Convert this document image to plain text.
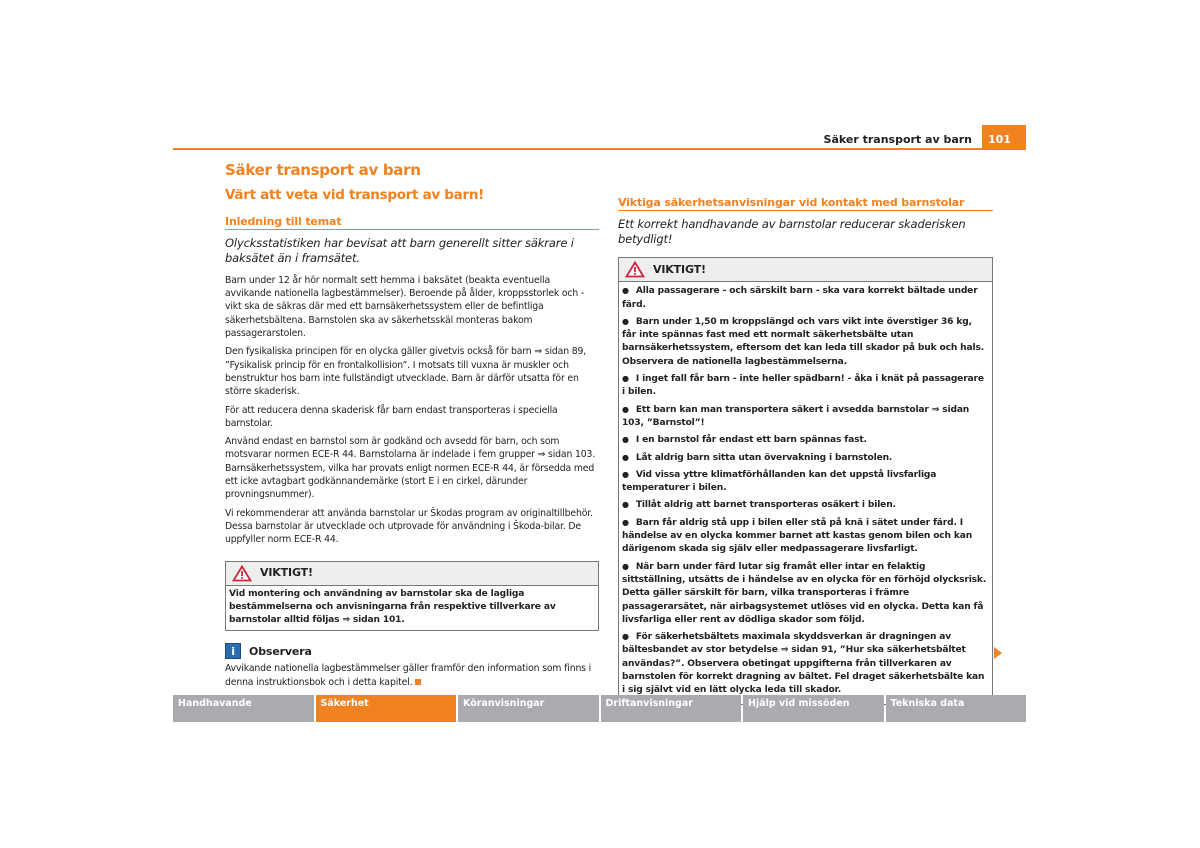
Säker transport av barn	101
Säker transport av barn
Värt att veta vid transport av barn!
Inledning till temat

Olycksstatistiken har bevisat att barn generellt sitter säkrare i baksätet än i framsätet.

Barn under 12 år hör normalt sett hemma i baksätet (beakta eventuella avvikande nationella lagbestämmelser). Beroende på ålder, kroppsstorlek och -vikt ska de säkras där med ett barnsäkerhetssystem eller de befintliga säkerhetsbältena. Barnstolen ska av säkerhetsskäl monteras bakom passagerarstolen.

Den fysikaliska principen för en olycka gäller givetvis också för barn ⇒ sidan 89, ”Fysikalisk princip för en frontalkollision”. I motsats till vuxna är muskler och benstruktur hos barn inte fullständigt utvecklade. Barn är därför utsatta för en större skaderisk.

För att reducera denna skaderisk får barn endast transporteras i speciella barnstolar.

Använd endast en barnstol som är godkänd och avsedd för barn, och som motsvarar normen ECE-R 44. Barnstolarna är indelade i fem grupper ⇒ sidan 103. Barnsäkerhetssystem, vilka har provats enligt normen ECE-R 44, är försedda med ett icke avtagbart godkännandemärke (stort E i en cirkel, därunder provningsnummer).

Vi rekommenderar att använda barnstolar ur Škodas program av originaltillbehör. Dessa barnstolar är utvecklade och utprovade för användning i Škoda-bilar. De uppfyller norm ECE-R 44.

VIKTIGT!
Vid montering och användning av barnstolar ska de lagliga bestämmelserna och anvisningarna från respektive tillverkare av barnstolar alltid följas ⇒ sidan 101.
i	Observera

Avvikande nationella lagbestämmelser gäller framför den information som finns i denna instruktionsbok och i detta kapitel.

Viktiga säkerhetsanvisningar vid kontakt med barnstolar

Ett korrekt handhavande av barnstolar reducerar skaderisken betydligt!

VIKTIGT!
● Alla passagerare - och särskilt barn - ska vara korrekt bältade under färd.
● Barn under 1,50 m kroppslängd och vars vikt inte överstiger 36 kg, får inte spännas fast med ett normalt säkerhetsbälte utan barnsäkerhetssystem, eftersom det kan leda till skador på buk och hals. Observera de nationella lagbestämmelserna.
● I inget fall får barn - inte heller spädbarn! - åka i knät på passagerare i bilen.
● Ett barn kan man transportera säkert i avsedda barnstolar ⇒ sidan 103, ”Barnstol”!
● I en barnstol får endast ett barn spännas fast.
● Låt aldrig barn sitta utan övervakning i barnstolen.
● Vid vissa yttre klimatförhållanden kan det uppstå livsfarliga temperaturer i bilen.
● Tillåt aldrig att barnet transporteras osäkert i bilen.
● Barn får aldrig stå upp i bilen eller stå på knä i sätet under färd. I händelse av en olycka kommer barnet att kastas genom bilen och kan därigenom skada sig själv eller medpassagerare livsfarligt.
● När barn under färd lutar sig framåt eller intar en felaktig sittställning, utsätts de i händelse av en olycka för en förhöjd olycksrisk. Detta gäller särskilt för barn, vilka transporteras i främre passagerarsätet, när airbagsystemet utlöses vid en olycka. Detta kan få livsfarliga eller rent av dödliga skador som följd.
● För säkerhetsbältets maximala skyddsverkan är dragningen av bältesbandet av stor betydelse ⇒ sidan 91, ”Hur ska säkerhetsbältet användas?”. Observera obetingat uppgifterna från tillverkaren av barnstolen för korrekt dragning av bältet. Fel draget säkerhetsbälte kan i sig självt vid en lätt olycka leda till skador.
Handhavande	Säkerhet	Köranvisningar	Driftanvisningar	Hjälp vid missöden	Tekniska data
